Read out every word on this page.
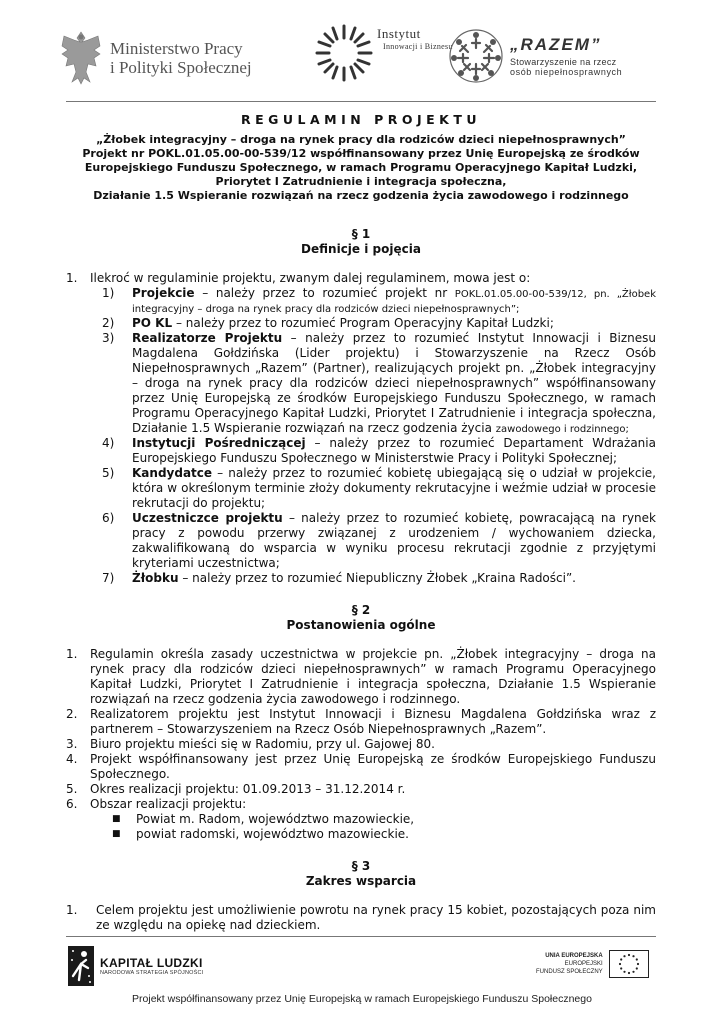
Ministerstwo Pracy
i Polityki Społecznej
Instytut
Innowacji i Biznesu	„RAZEM”
Stowarzyszenie na rzecz
osób niepełnosprawnych
REGULAMIN PROJEKTU
„Żłobek integracyjny – droga na rynek pracy dla rodziców dzieci niepełnosprawnych”
Projekt nr POKL.01.05.00-00-539/12 współfinansowany przez Unię Europejską ze środków
Europejskiego Funduszu Społecznego, w ramach Programu Operacyjnego Kapitał Ludzki,
Priorytet I Zatrudnienie i integracja społeczna,
Działanie 1.5 Wspieranie rozwiązań na rzecz godzenia życia zawodowego i rodzinnego
§ 1
Definicje i pojęcia
1.	Ilekroć w regulaminie projektu, zwanym dalej regulaminem, mowa jest o:
1)	Projekcie – należy przez to rozumieć projekt nr POKL.01.05.00-00-539/12, pn. „Żłobek integracyjny – droga na rynek pracy dla rodziców dzieci niepełnosprawnych”;
2)	PO KL – należy przez to rozumieć Program Operacyjny Kapitał Ludzki;
3)	Realizatorze Projektu – należy przez to rozumieć Instytut Innowacji i Biznesu Magdalena Gołdzińska (Lider projektu) i Stowarzyszenie na Rzecz Osób Niepełnosprawnych „Razem” (Partner), realizujących projekt pn. „Żłobek integracyjny – droga na rynek pracy dla rodziców dzieci niepełnosprawnych” współfinansowany przez Unię Europejską ze środków Europejskiego Funduszu Społecznego, w ramach Programu Operacyjnego Kapitał Ludzki, Priorytet I Zatrudnienie i integracja społeczna, Działanie 1.5 Wspieranie rozwiązań na rzecz godzenia życia zawodowego i rodzinnego;
4)	Instytucji Pośredniczącej – należy przez to rozumieć Departament Wdrażania Europejskiego Funduszu Społecznego w Ministerstwie Pracy i Polityki Społecznej;
5)	Kandydatce – należy przez to rozumieć kobietę ubiegającą się o udział w projekcie, która w określonym terminie złoży dokumenty rekrutacyjne i weźmie udział w procesie rekrutacji do projektu;
6)	Uczestniczce projektu – należy przez to rozumieć kobietę, powracającą na rynek pracy z powodu przerwy związanej z urodzeniem / wychowaniem dziecka, zakwalifikowaną do wsparcia w wyniku procesu rekrutacji zgodnie z przyjętymi kryteriami uczestnictwa;
7)	Żłobku – należy przez to rozumieć Niepubliczny Żłobek „Kraina Radości”.
§ 2
Postanowienia ogólne
1.	Regulamin określa zasady uczestnictwa w projekcie pn. „Żłobek integracyjny – droga na rynek pracy dla rodziców dzieci niepełnosprawnych” w ramach Programu Operacyjnego Kapitał Ludzki, Priorytet I Zatrudnienie i integracja społeczna, Działanie 1.5 Wspieranie rozwiązań na rzecz godzenia życia zawodowego i rodzinnego.
2.	Realizatorem projektu jest Instytut Innowacji i Biznesu Magdalena Gołdzińska wraz z partnerem – Stowarzyszeniem na Rzecz Osób Niepełnosprawnych „Razem”.
3.	Biuro projektu mieści się w Radomiu, przy ul. Gajowej 80.
4.	Projekt współfinansowany jest przez Unię Europejską ze środków Europejskiego Funduszu Społecznego.
5.	Okres realizacji projektu: 01.09.2013 – 31.12.2014 r.
6.	Obszar realizacji projektu:
■	Powiat m. Radom, województwo mazowieckie,
■	powiat radomski, województwo mazowieckie.
§ 3
Zakres wsparcia
1.	Celem projektu jest umożliwienie powrotu na rynek pracy 15 kobiet, pozostających poza nim ze względu na opiekę nad dzieckiem.
KAPITAŁ LUDZKI
NARODOWA STRATEGIA SPÓJNOŚCI
UNIA EUROPEJSKA
EUROPEJSKI
FUNDUSZ SPOŁECZNY
Projekt współfinansowany przez Unię Europejską w ramach Europejskiego Funduszu Społecznego
